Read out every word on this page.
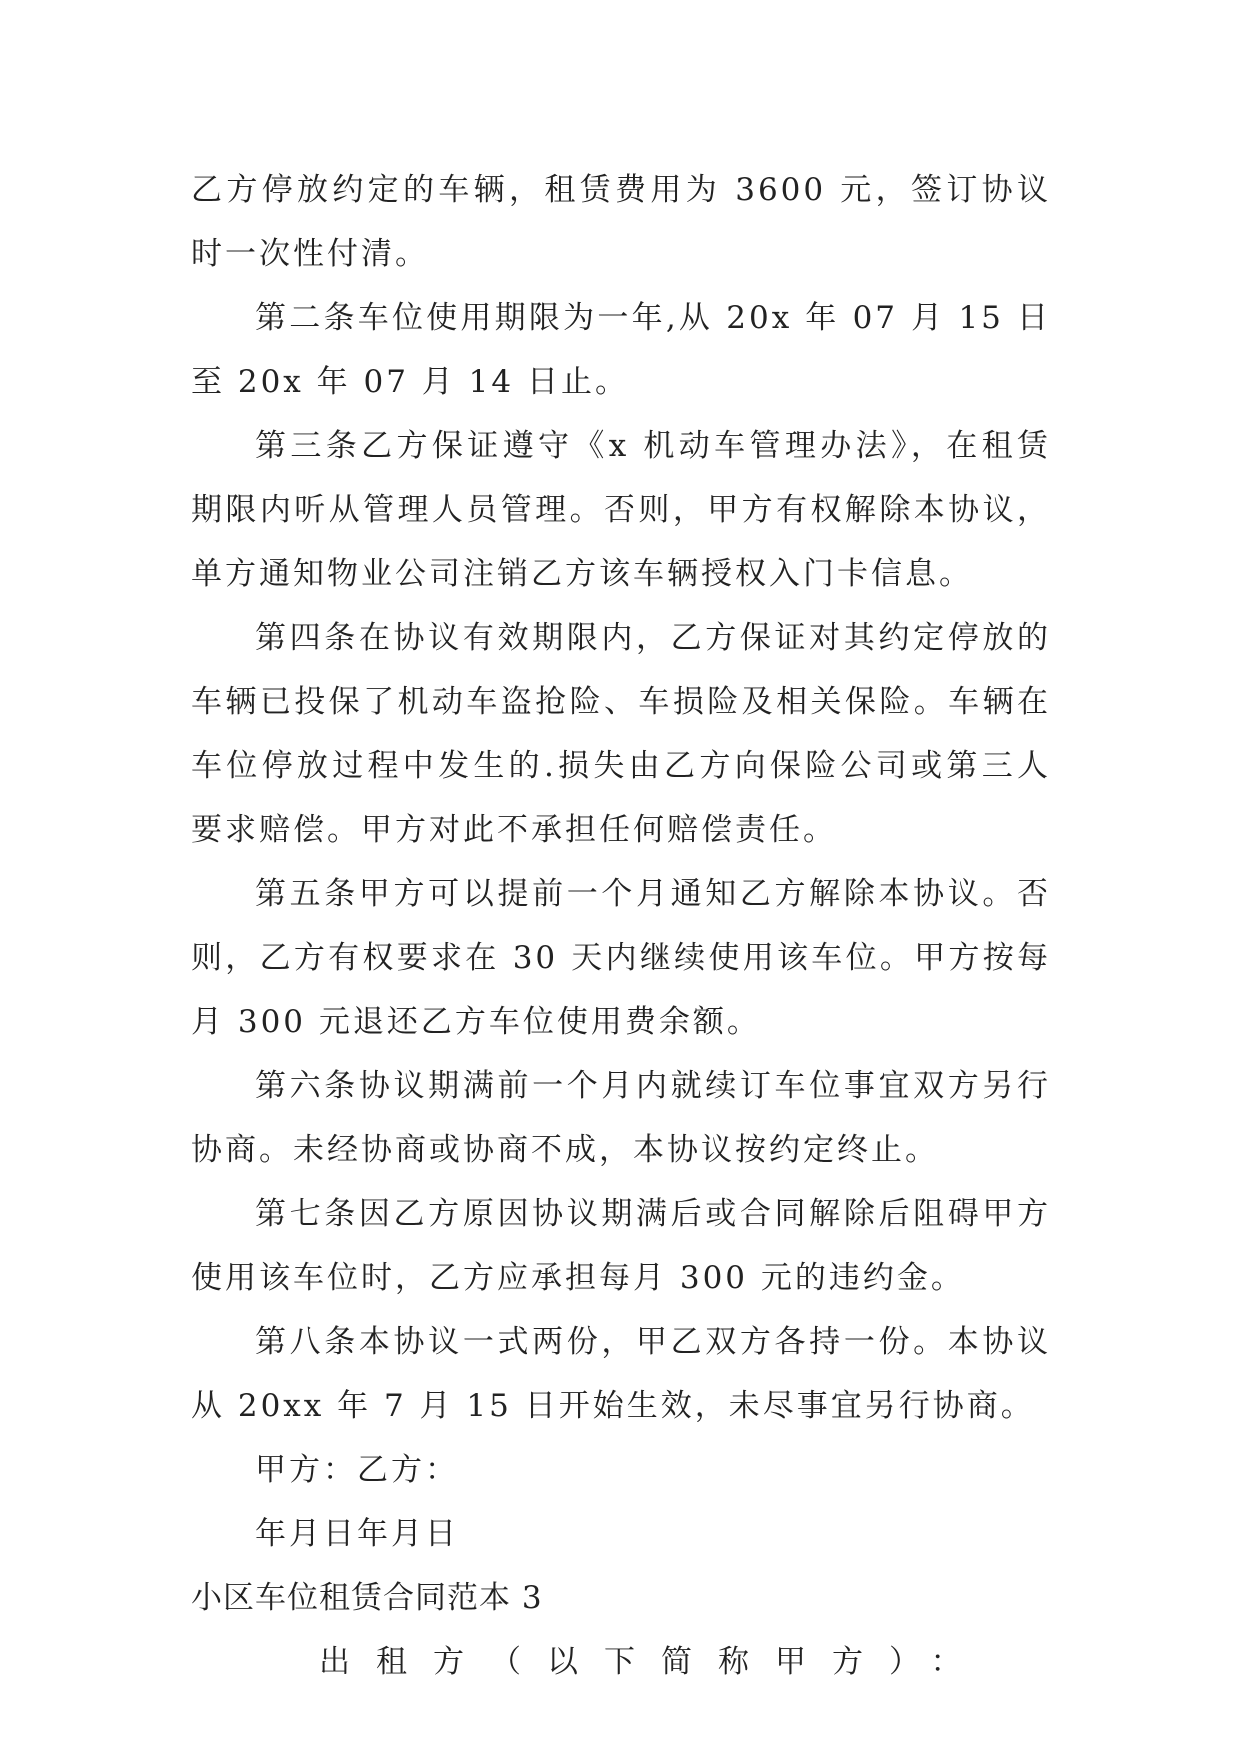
乙方停放约定的车辆，租赁费用为 3600 元，签订协议时一次性付清。

第二条车位使用期限为一年,从 20x 年 07 月 15 日至 20x 年 07 月 14 日止。

第三条乙方保证遵守《x 机动车管理办法》，在租赁期限内听从管理人员管理。否则，甲方有权解除本协议，单方通知物业公司注销乙方该车辆授权入门卡信息。

第四条在协议有效期限内，乙方保证对其约定停放的车辆已投保了机动车盗抢险、车损险及相关保险。车辆在车位停放过程中发生的.损失由乙方向保险公司或第三人要求赔偿。甲方对此不承担任何赔偿责任。

第五条甲方可以提前一个月通知乙方解除本协议。否则，乙方有权要求在 30 天内继续使用该车位。甲方按每月 300 元退还乙方车位使用费余额。

第六条协议期满前一个月内就续订车位事宜双方另行协商。未经协商或协商不成，本协议按约定终止。

第七条因乙方原因协议期满后或合同解除后阻碍甲方使用该车位时，乙方应承担每月 300 元的违约金。

第八条本协议一式两份，甲乙双方各持一份。本协议从 20xx 年 7 月 15 日开始生效，未尽事宜另行协商。

甲方：乙方：

年月日年月日

小区车位租赁合同范本 3

出租方（以下简称甲方）：
